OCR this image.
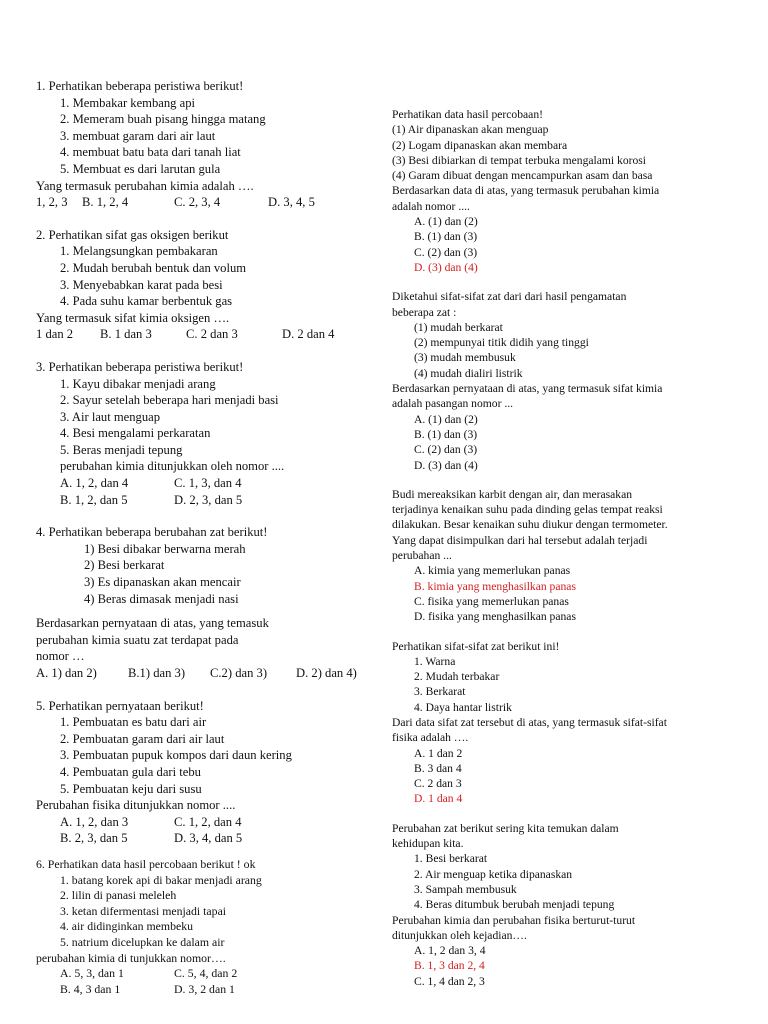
1. Perhatikan beberapa peristiwa berikut!
1. Membakar kembang api
2. Memeram buah pisang hingga matang
3. membuat garam dari air laut
4. membuat batu bata dari tanah liat
5. Membuat es dari larutan gula
Yang termasuk perubahan kimia adalah ….
1, 2, 3	B. 1, 2, 4	C. 2, 3, 4	D. 3, 4, 5
2. Perhatikan sifat gas oksigen berikut
1. Melangsungkan pembakaran
2. Mudah berubah bentuk dan volum
3. Menyebabkan karat pada besi
4. Pada suhu kamar berbentuk gas
Yang termasuk sifat kimia oksigen ….
1 dan 2	B. 1 dan 3	C. 2 dan 3	D. 2 dan 4
3. Perhatikan beberapa peristiwa berikut!
1. Kayu dibakar menjadi arang
2. Sayur setelah beberapa hari menjadi basi
3. Air laut menguap
4. Besi mengalami perkaratan
5. Beras menjadi tepung
perubahan kimia ditunjukkan oleh nomor ....
A. 1, 2, dan 4	C. 1, 3, dan 4
B. 1, 2, dan 5	D. 2, 3, dan 5
4. Perhatikan beberapa berubahan zat berikut!
1) Besi dibakar berwarna merah
2) Besi berkarat
3) Es dipanaskan akan mencair
4) Beras dimasak menjadi nasi
Berdasarkan pernyataan di atas, yang temasuk
perubahan kimia suatu zat terdapat pada
nomor …
A. 1) dan 2)	B.1) dan 3)	C.2) dan 3)	D. 2) dan 4)
5. Perhatikan pernyataan berikut!
1. Pembuatan es batu dari air
2. Pembuatan garam dari air laut
3. Pembuatan pupuk kompos dari daun kering
4. Pembuatan gula dari tebu
5. Pembuatan keju dari susu
Perubahan fisika ditunjukkan nomor ....
A. 1, 2, dan 3	C. 1, 2, dan 4
B. 2, 3, dan 5	D. 3, 4, dan 5
6. Perhatikan data hasil percobaan berikut ! ok
1. batang korek api di bakar menjadi arang
2. lilin di panasi meleleh
3. ketan difermentasi menjadi tapai
4. air didinginkan membeku
5. natrium dicelupkan ke dalam air
perubahan kimia di tunjukkan nomor….
A. 5, 3, dan 1	C. 5, 4, dan 2
B. 4, 3 dan 1	D. 3, 2 dan 1
Perhatikan data hasil percobaan!
(1) Air dipanaskan akan menguap
(2) Logam dipanaskan akan membara
(3) Besi dibiarkan di tempat terbuka mengalami korosi
(4) Garam dibuat dengan mencampurkan asam dan basa
Berdasarkan data di atas, yang termasuk perubahan kimia
adalah nomor ....
A. (1) dan (2)
B. (1) dan (3)
C. (2) dan (3)
D. (3) dan (4)
Diketahui sifat-sifat zat dari dari hasil pengamatan
beberapa zat :
(1) mudah berkarat
(2) mempunyai titik didih yang tinggi
(3) mudah membusuk
(4) mudah dialiri listrik
Berdasarkan pernyataan di atas, yang termasuk sifat kimia
adalah pasangan nomor ...
A. (1) dan (2)
B. (1) dan (3)
C. (2) dan (3)
D. (3) dan (4)
Budi mereaksikan karbit dengan air, dan merasakan
terjadinya kenaikan suhu pada dinding gelas tempat reaksi
dilakukan. Besar kenaikan suhu diukur dengan termometer.
Yang dapat disimpulkan dari hal tersebut adalah terjadi
perubahan ...
A. kimia yang memerlukan panas
B. kimia yang menghasilkan panas
C. fisika yang memerlukan panas
D. fisika yang menghasilkan panas
Perhatikan sifat-sifat zat berikut ini!
1. Warna
2. Mudah terbakar
3. Berkarat
4. Daya hantar listrik
Dari data sifat zat tersebut di atas, yang termasuk sifat-sifat
fisika adalah ….
A. 1 dan 2
B. 3 dan 4
C. 2 dan 3
D. 1 dan 4
Perubahan zat berikut sering kita temukan dalam
kehidupan kita.
1. Besi berkarat
2. Air menguap ketika dipanaskan
3. Sampah membusuk
4. Beras ditumbuk berubah menjadi tepung
Perubahan kimia dan perubahan fisika berturut-turut
ditunjukkan oleh kejadian….
A. 1, 2 dan 3, 4
B. 1, 3 dan 2, 4
C. 1, 4 dan 2, 3
